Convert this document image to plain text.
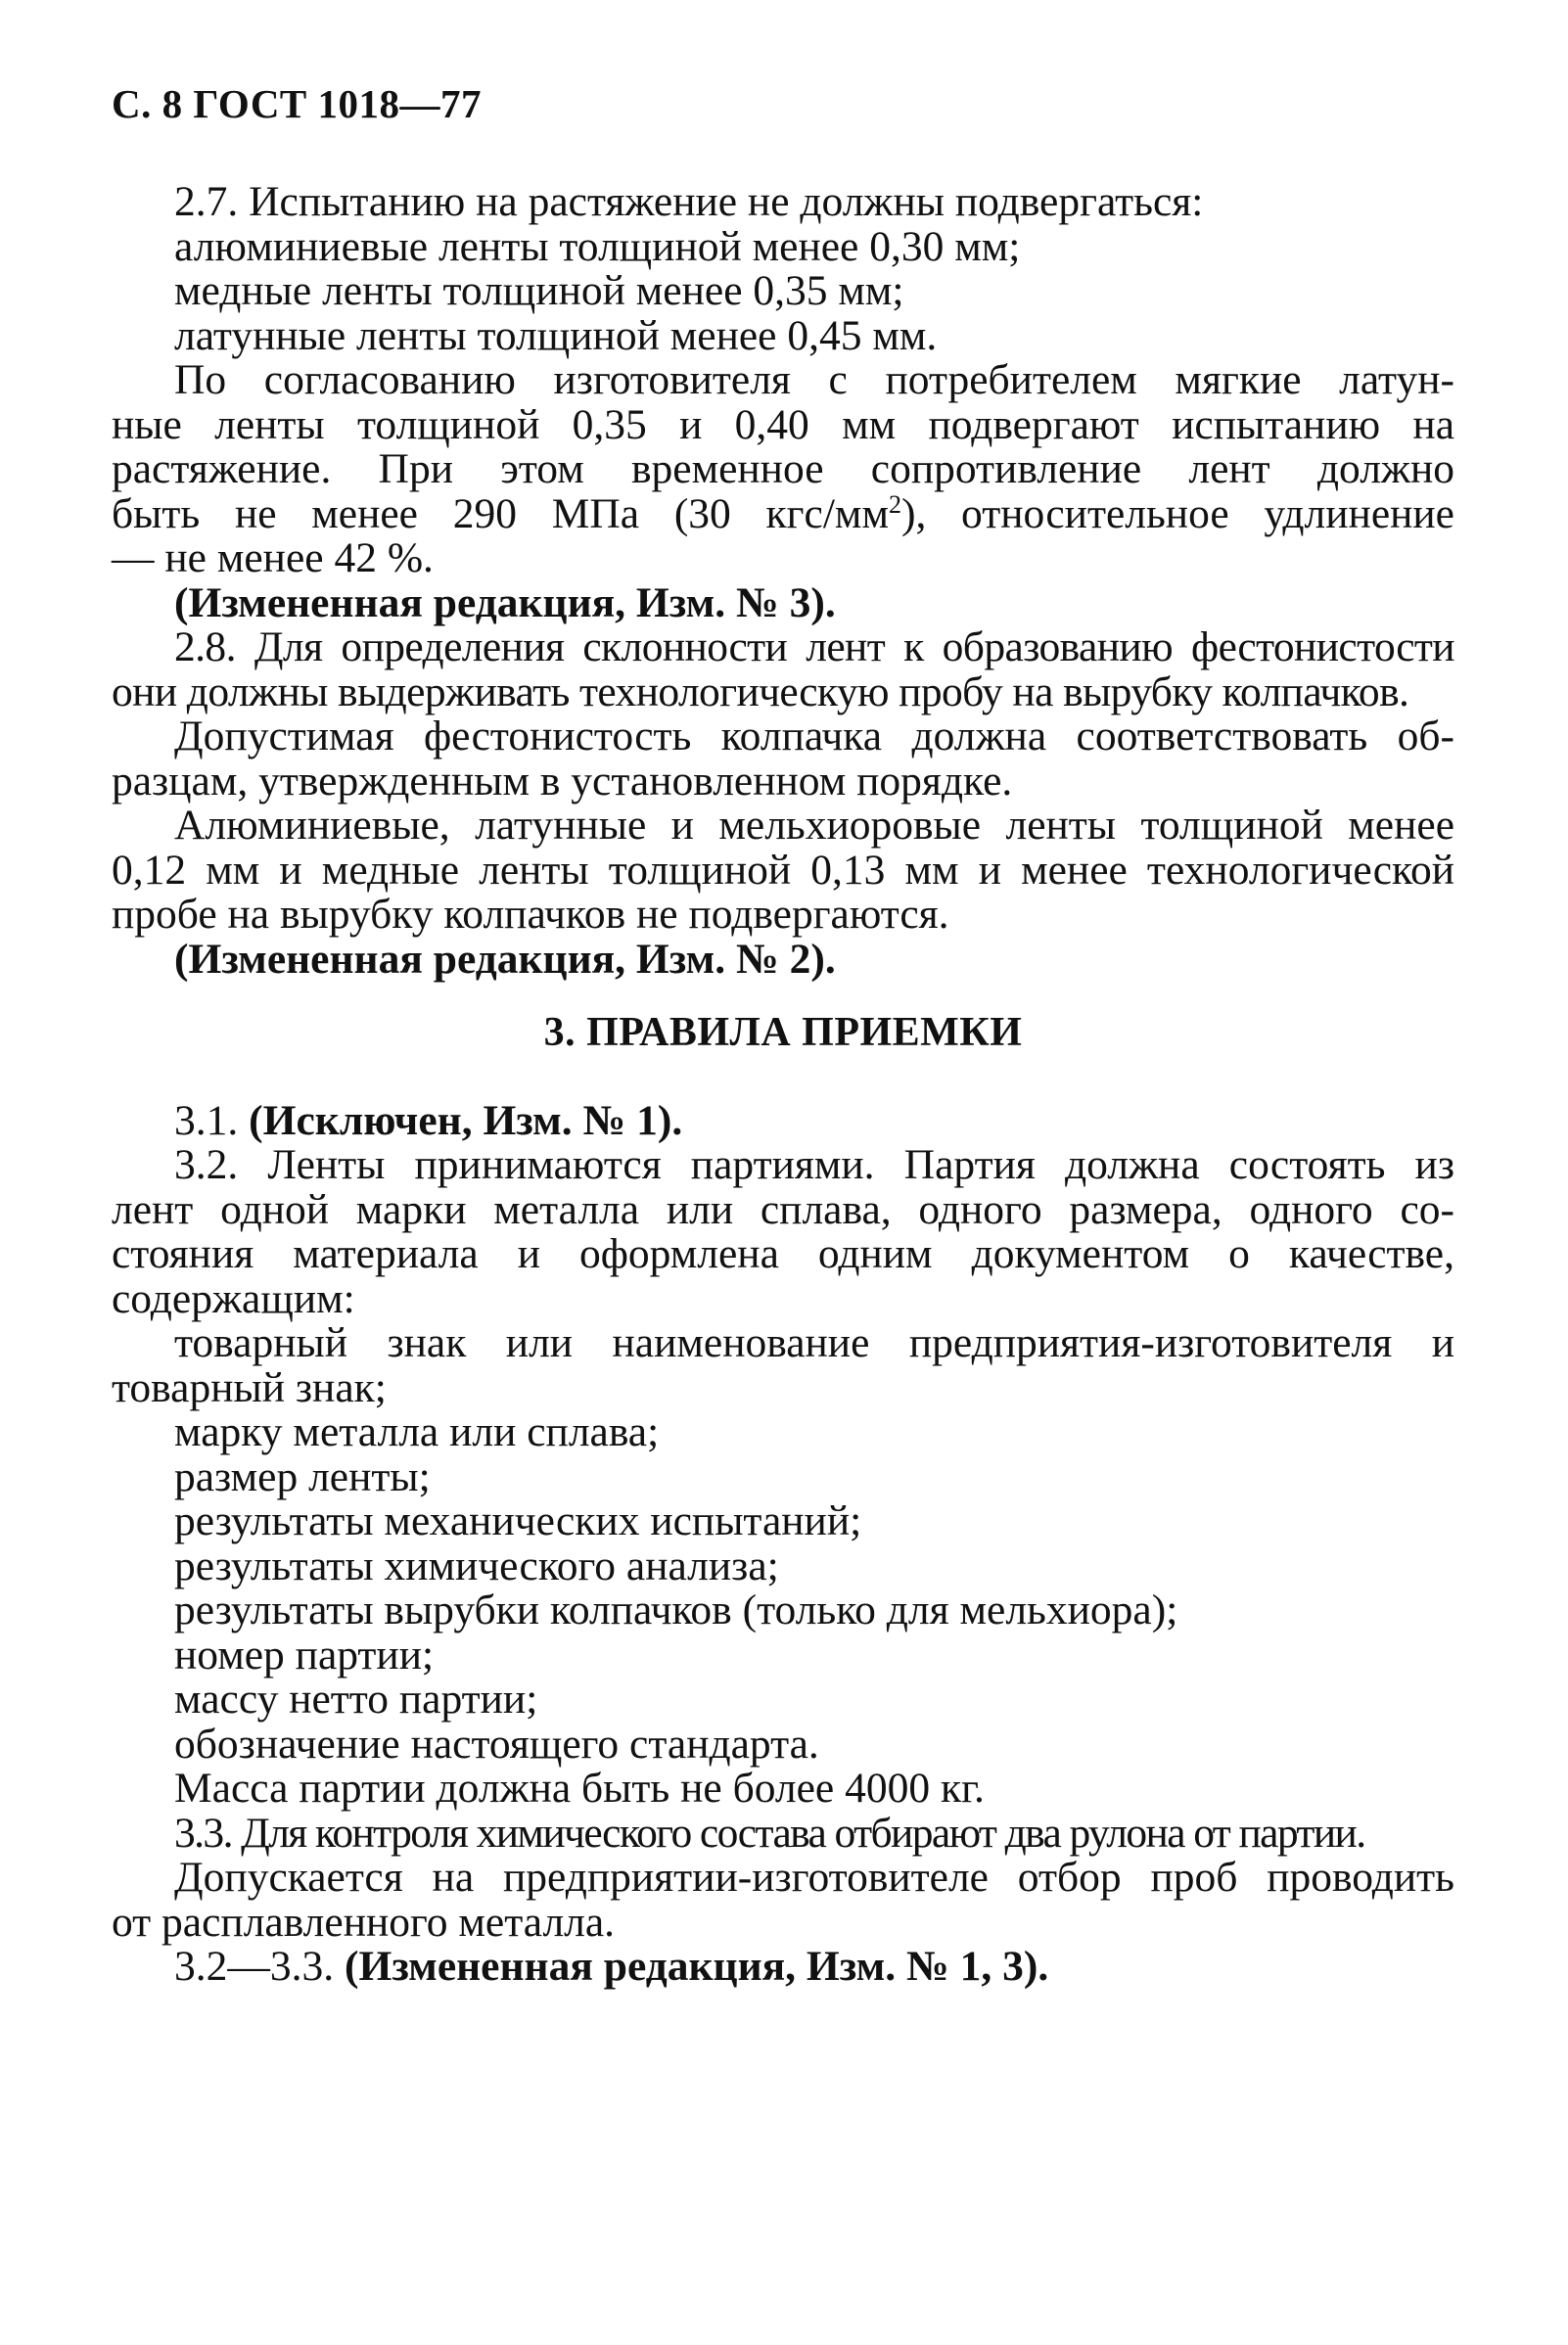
С. 8 ГОСТ 1018—77

2.7. Испытанию на растяжение не должны подвергаться:

алюминиевые ленты толщиной менее 0,30 мм;

медные ленты толщиной менее 0,35 мм;

латунные ленты толщиной менее 0,45 мм.

По согласованию изготовителя с потребителем мягкие латун-

ные ленты толщиной 0,35 и 0,40 мм подвергают испытанию на

растяжение. При этом временное сопротивление лент должно

быть не менее 290 МПа (30 кгс/$мм^2$), относительное удлинение

— не менее 42 %.

(Измененная редакция, Изм. № 3).

2.8. Для определения склонности лент к образованию фестонистости

они должны выдерживать технологическую пробу на вырубку колпачков.

Допустимая фестонистость колпачка должна соответствовать об-

разцам, утвержденным в установленном порядке.

Алюминиевые, латунные и мельхиоровые ленты толщиной менее

0,12 мм и медные ленты толщиной 0,13 мм и менее технологической

пробе на вырубку колпачков не подвергаются.

(Измененная редакция, Изм. № 2).

3. ПРАВИЛА ПРИЕМКИ

3.1. (Исключен, Изм. № 1).

3.2. Ленты принимаются партиями. Партия должна состоять из

лент одной марки металла или сплава, одного размера, одного со-

стояния материала и оформлена одним документом о качестве,

содержащим:

товарный знак или наименование предприятия-изготовителя и

товарный знак;

марку металла или сплава;

размер ленты;

результаты механических испытаний;

результаты химического анализа;

результаты вырубки колпачков (только для мельхиора);

номер партии;

массу нетто партии;

обозначение настоящего стандарта.

Масса партии должна быть не более 4000 кг.

3.3. Для контроля химического состава отбирают два рулона от партии.

Допускается на предприятии-изготовителе отбор проб проводить

от расплавленного металла.

3.2—3.3. (Измененная редакция, Изм. № 1, 3).
